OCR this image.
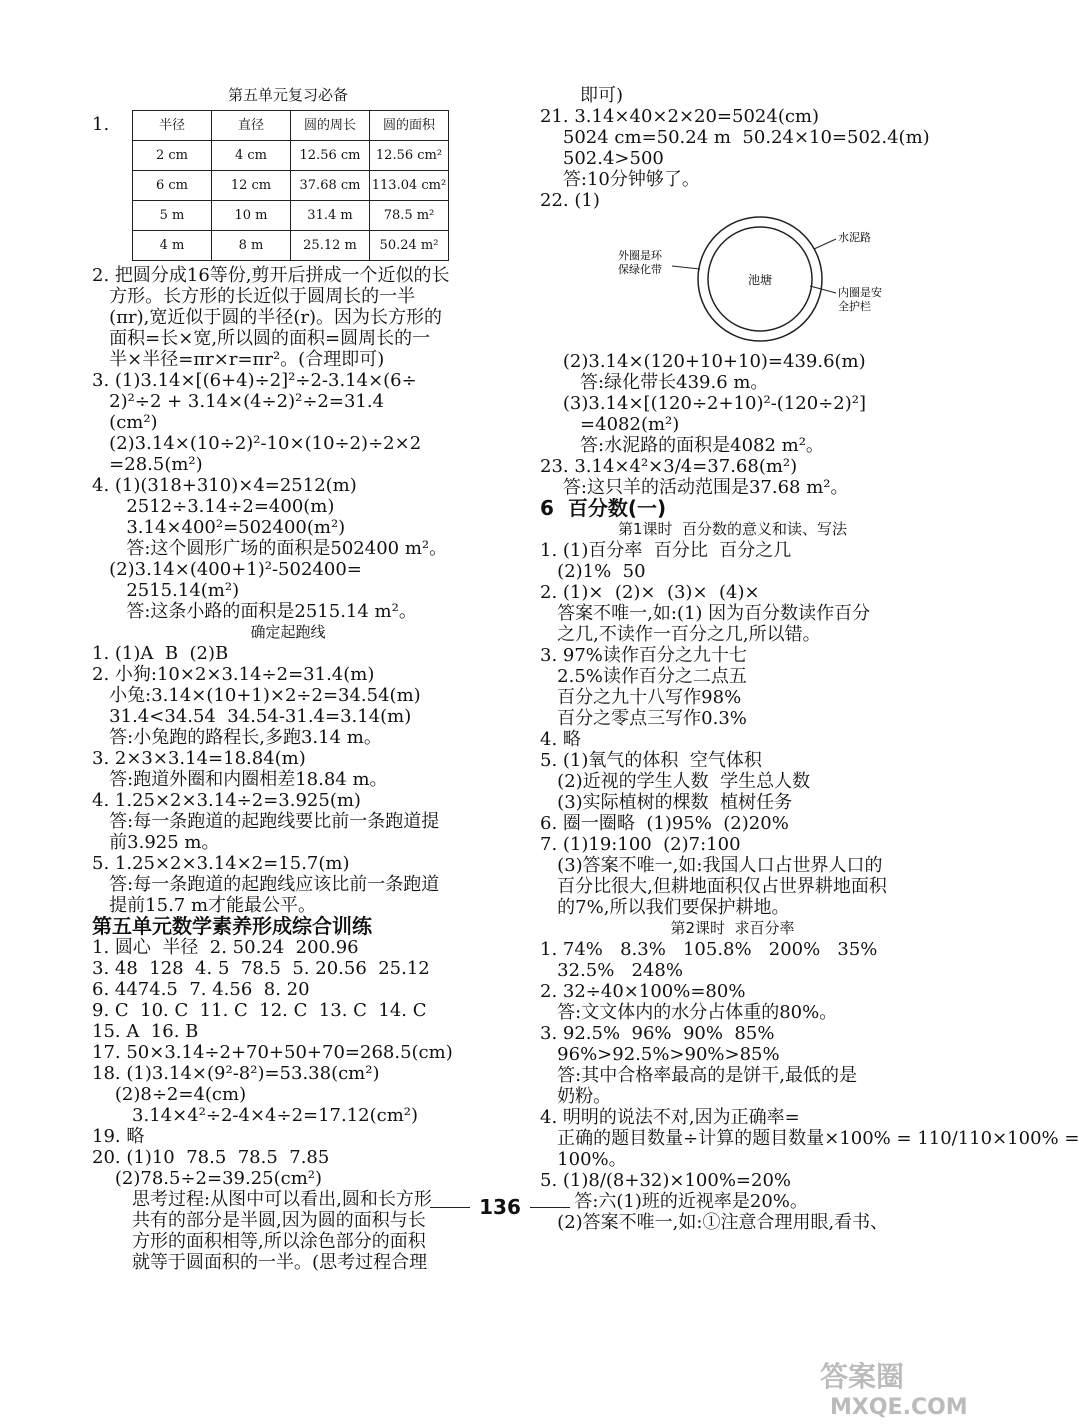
第五单元复习必备
1.	半径	直径	圆的周长	圆的面积
2 cm	4 cm	12.56 cm	12.56 cm²
6 cm	12 cm	37.68 cm	113.04 cm²
5 m	10 m	31.4 m	78.5 m²
4 m	8 m	25.12 m	50.24 m²
2. 把圆分成16等份,剪开后拼成一个近似的长
方形。长方形的长近似于圆周长的一半
(πr),宽近似于圆的半径(r)。因为长方形的
面积=长×宽,所以圆的面积=圆周长的一
半×半径=πr×r=πr²。(合理即可)
3. (1)3.14×[(6+4)÷2]²÷2-3.14×(6÷
2)²÷2 + 3.14×(4÷2)²÷2=31.4
(cm²)
(2)3.14×(10÷2)²-10×(10÷2)÷2×2
=28.5(m²)
4. (1)(318+310)×4=2512(m)
2512÷3.14÷2=400(m)
3.14×400²=502400(m²)
答:这个圆形广场的面积是502400 m²。
(2)3.14×(400+1)²-502400=
2515.14(m²)
答:这条小路的面积是2515.14 m²。
确定起跑线
1. (1)A  B  (2)B
2. 小狗:10×2×3.14÷2=31.4(m)
小兔:3.14×(10+1)×2÷2=34.54(m)
31.4<34.54  34.54-31.4=3.14(m)
答:小兔跑的路程长,多跑3.14 m。
3. 2×3×3.14=18.84(m)
答:跑道外圈和内圈相差18.84 m。
4. 1.25×2×3.14÷2=3.925(m)
答:每一条跑道的起跑线要比前一条跑道提
前3.925 m。
5. 1.25×2×3.14×2=15.7(m)
答:每一条跑道的起跑线应该比前一条跑道
提前15.7 m才能最公平。
第五单元数学素养形成综合训练
1. 圆心  半径  2. 50.24  200.96
3. 48  128  4. 5  78.5  5. 20.56  25.12
6. 4474.5  7. 4.56  8. 20
9. C  10. C  11. C  12. C  13. C  14. C
15. A  16. B
17. 50×3.14÷2+70+50+70=268.5(cm)
18. (1)3.14×(9²-8²)=53.38(cm²)
(2)8÷2=4(cm)
3.14×4²÷2-4×4÷2=17.12(cm²)
19. 略
20. (1)10  78.5  78.5  7.85
(2)78.5÷2=39.25(cm²)
思考过程:从图中可以看出,圆和长方形
共有的部分是半圆,因为圆的面积与长
方形的面积相等,所以涂色部分的面积
就等于圆面积的一半。(思考过程合理
即可)
21. 3.14×40×2×20=5024(cm)
5024 cm=50.24 m  50.24×10=502.4(m)
502.4>500
答:10分钟够了。
22. (1)
池塘
外圈是环
保绿化带
水泥路
内圈是安
全护栏
(2)3.14×(120+10+10)=439.6(m)
答:绿化带长439.6 m。
(3)3.14×[(120÷2+10)²-(120÷2)²]
=4082(m²)
答:水泥路的面积是4082 m²。
23. 3.14×4²×3/4=37.68(m²)
答:这只羊的活动范围是37.68 m²。
6  百分数(一)
第1课时  百分数的意义和读、写法
1. (1)百分率  百分比  百分之几
(2)1%  50
2. (1)×  (2)×  (3)×  (4)×
答案不唯一,如:(1) 因为百分数读作百分
之几,不读作一百分之几,所以错。
3. 97%读作百分之九十七
2.5%读作百分之二点五
百分之九十八写作98%
百分之零点三写作0.3%
4. 略
5. (1)氧气的体积  空气体积
(2)近视的学生人数  学生总人数
(3)实际植树的棵数  植树任务
6. 圈一圈略  (1)95%  (2)20%
7. (1)19:100  (2)7:100
(3)答案不唯一,如:我国人口占世界人口的
百分比很大,但耕地面积仅占世界耕地面积
的7%,所以我们要保护耕地。
第2课时  求百分率
1. 74%   8.3%   105.8%   200%   35%
32.5%   248%
2. 32÷40×100%=80%
答:文文体内的水分占体重的80%。
3. 92.5%  96%  90%  85%
96%>92.5%>90%>85%
答:其中合格率最高的是饼干,最低的是
奶粉。
4. 明明的说法不对,因为正确率=
正确的题目数量÷计算的题目数量×100% = 110/110×100% =
100%。
5. (1)8/(8+32)×100%=20%
答:六(1)班的近视率是20%。
(2)答案不唯一,如:①注意合理用眼,看书、
136
答案圈
MXQE.COM
